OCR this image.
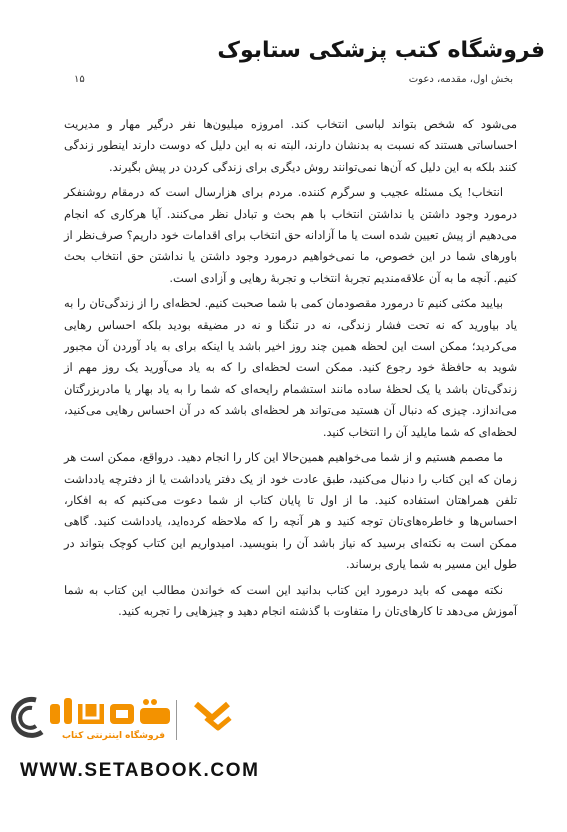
فروشگاه کتب پزشکی ستابوک
بخش اول، مقدمه، دعوت
۱۵

می‌شود که شخص بتواند لباسی انتخاب کند. امروزه میلیون‌ها نفر درگیر مهار و مدیریت احساساتی هستند که نسبت به بدنشان دارند، البته نه به این دلیل که دوست دارند اینطور زندگی کنند بلکه به این دلیل که آن‌ها نمی‌توانند روش دیگری برای زندگی کردن در پیش بگیرند.

انتخاب! یک مسئله عجیب و سرگرم کننده. مردم برای هزارسال است که درمقام روشنفکر درمورد وجود داشتن یا نداشتن انتخاب با هم بحث و تبادل نظر می‌کنند. آیا هرکاری که انجام می‌دهیم از پیش تعیین شده است یا ما آزادانه حق انتخاب برای اقدامات خود داریم؟ صرف‌نظر از باورهای شما در این خصوص، ما نمی‌خواهیم درمورد وجود داشتن یا نداشتن حق انتخاب بحث کنیم. آنچه ما به آن علاقه‌مندیم تجربهٔ انتخاب و تجربهٔ رهایی و آزادی است.

بیایید مکثی کنیم تا درمورد مقصودمان کمی با شما صحبت کنیم. لحظه‌ای را از زندگی‌تان را به یاد بیاورید که نه تحت فشار زندگی، نه در تنگنا و نه در مضیقه بودید بلکه احساس رهایی می‌کردید؛ ممکن است این لحظه همین چند روز اخیر باشد یا اینکه برای به یاد آوردن آن مجبور شوید به حافظهٔ خود رجوع کنید. ممکن است لحظه‌ای را که به یاد می‌آورید یک روز مهم از زندگی‌تان باشد یا یک لحظهٔ ساده مانند استشمام رایحه‌ای که شما را به یاد بهار یا مادربزرگتان می‌اندازد. چیزی که دنبال آن هستید می‌تواند هر لحظه‌ای باشد که در آن احساس رهایی می‌کنید، لحظه‌ای که شما مایلید آن را انتخاب کنید.

ما مصمم هستیم و از شما می‌خواهیم همین‌حالا این کار را انجام دهید. درواقع، ممکن است هر زمان که این کتاب را دنبال می‌کنید، طبق عادت خود از یک دفتر یادداشت یا از دفترچه یادداشت تلفن همراهتان استفاده کنید. ما از اول تا پایان کتاب از شما دعوت می‌کنیم که به افکار، احساس‌ها و خاطره‌های‌تان توجه کنید و هر آنچه را که ملاحظه کرده‌اید، یادداشت کنید. گاهی ممکن است به نکته‌ای برسید که نیاز باشد آن را بنویسید. امیدواریم این کتاب کوچک بتواند در طول این مسیر به شما یاری برساند.

نکته مهمی که باید درمورد این کتاب بدانید این است که خواندن مطالب این کتاب به شما آموزش می‌دهد تا کارهای‌تان را متفاوت با گذشته انجام دهید و چیزهایی را تجربه کنید.

فروشگاه اینترنتی کتاب
WWW.SETABOOK.COM
